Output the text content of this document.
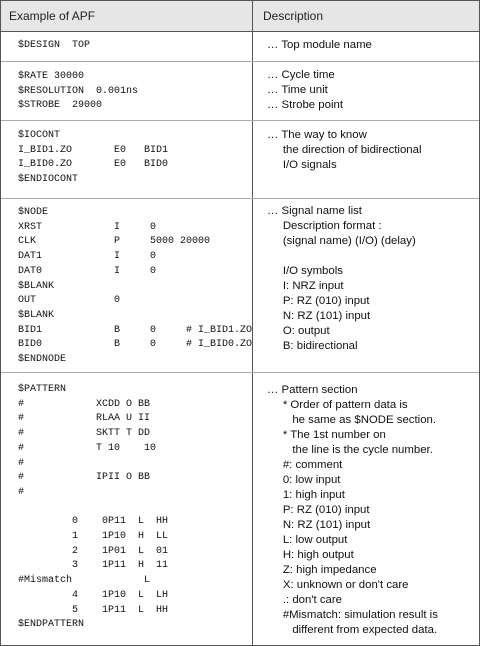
Example of APF	Description
$DESIGN  TOP	… Top module name
$RATE 30000
$RESOLUTION  0.001ns
$STROBE  29000
… Cycle time
… Time unit
… Strobe point
$IOCONT
I_BID1.ZO       E0   BID1
I_BID0.ZO       E0   BID0
$ENDIOCONT
… The way to know
the direction of bidirectional
I/O signals
$NODE
XRST            I     0
CLK             P     5000 20000
DAT1            I     0
DAT0            I     0
$BLANK
OUT             0
$BLANK
BID1            B     0     # I_BID1.ZO
BID0            B     0     # I_BID0.ZO
$ENDNODE
… Signal name list
Description format :
(signal name) (I/O) (delay)

I/O symbols
I: NRZ input
P: RZ (010) input
N: RZ (101) input
O: output
B: bidirectional
$PATTERN
#            XCDD O BB
#            RLAA U II
#            SKTT T DD
#            T 10    10
#
#            IPII O BB
#

0    0P11  L  HH
1    1P10  H  LL
2    1P01  L  01
3    1P11  H  11
#Mismatch            L
4    1P10  L  LH
5    1P11  L  HH
$ENDPATTERN
… Pattern section
* Order of pattern data is
he same as $NODE section.
* The 1st number on
the line is the cycle number.
#: comment
0: low input
1: high input
P: RZ (010) input
N: RZ (101) input
L: low output
H: high output
Z: high impedance
X: unknown or don't care
.: don't care
#Mismatch: simulation result is
different from expected data.
